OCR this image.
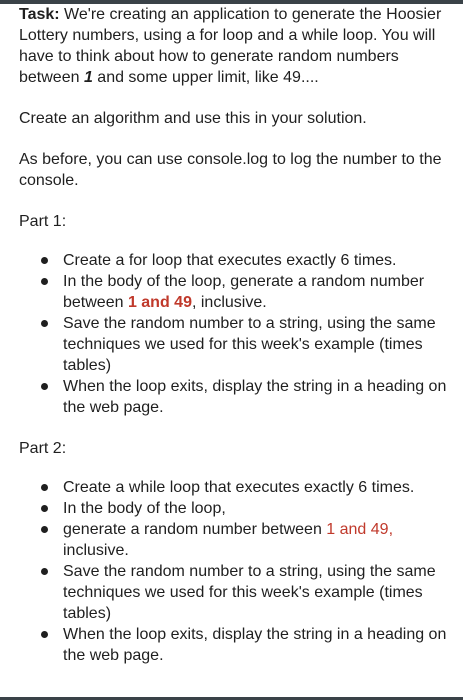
Task: We're creating an application to generate the Hoosier Lottery numbers, using a for loop and a while loop. You will have to think about how to generate random numbers between 1 and some upper limit, like 49....

Create an algorithm and use this in your solution.

As before, you can use console.log to log the number to the console.

Part 1:

Create a for loop that executes exactly 6 times.
In the body of the loop, generate a random number between 1 and 49, inclusive.
Save the random number to a string, using the same techniques we used for this week's example (times tables)
When the loop exits, display the string in a heading on the web page.

Part 2:

Create a while loop that executes exactly 6 times.
In the body of the loop,
generate a random number between 1 and 49, inclusive.
Save the random number to a string, using the same techniques we used for this week's example (times tables)
When the loop exits, display the string in a heading on the web page.
